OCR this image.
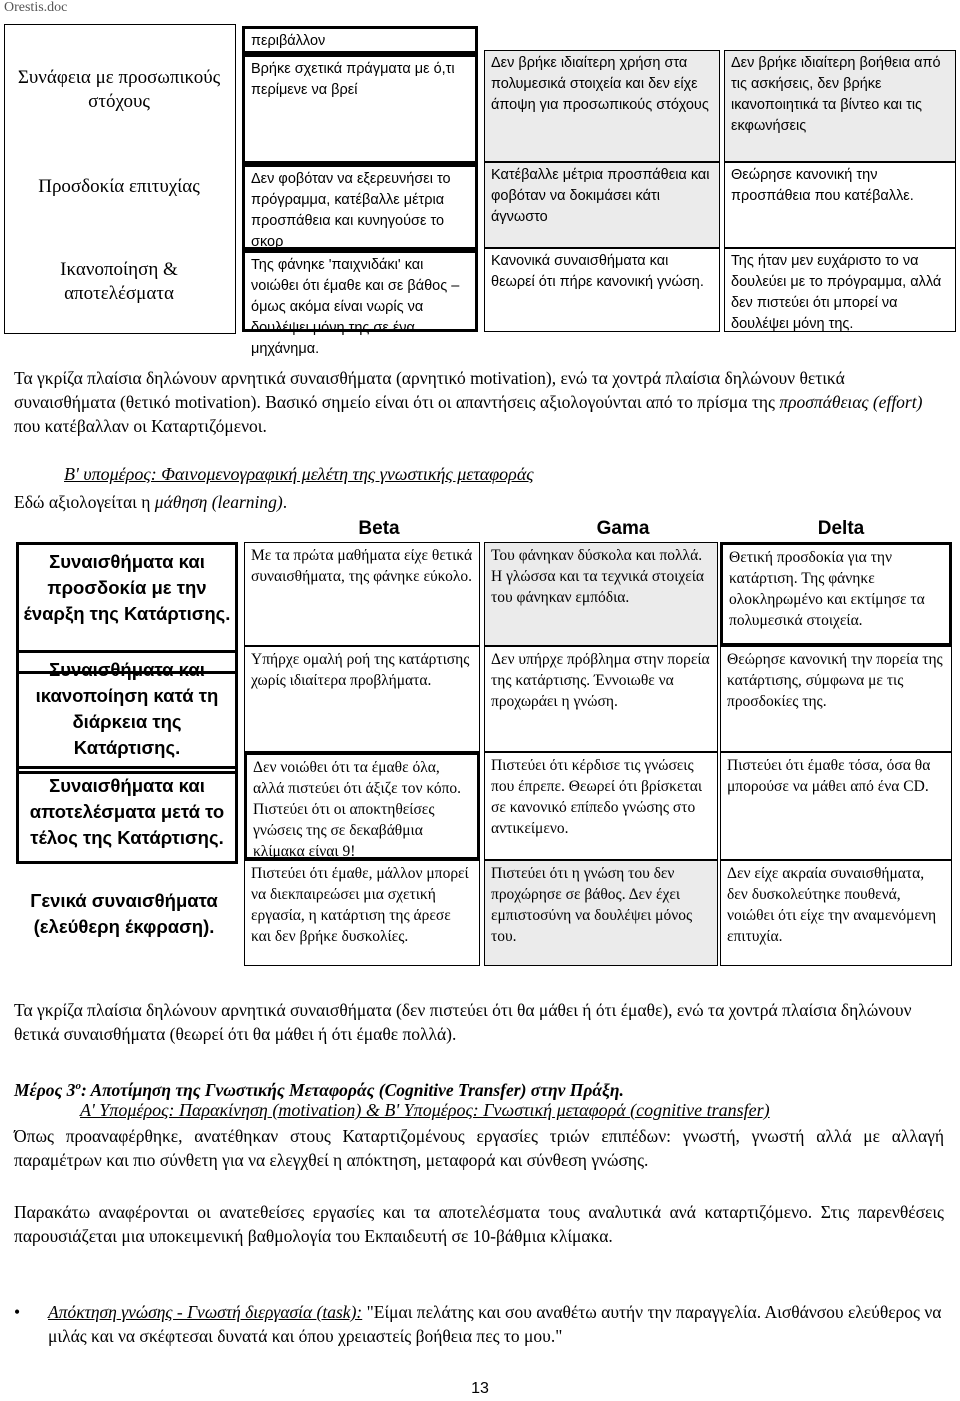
Orestis.doc
Συνάφεια με προσωπικούς στόχους
Προσδοκία επιτυχίας
Ικανοποίηση & αποτελέσματα
περιβάλλον
Βρήκε σχετικά πράγματα με ό,τι περίμενε να βρεί
Δεν φοβόταν να εξερευνήσει το πρόγραμμα, κατέβαλλε μέτρια προσπάθεια και κυνηγούσε το σκορ
Της φάνηκε 'παιχνιδάκι' και νοιώθει ότι έμαθε και σε βάθος – όμως ακόμα είναι νωρίς να δουλέψει μόνη της σε ένα μηχάνημα.
Δεν βρήκε ιδιαίτερη χρήση στα πολυμεσικά στοιχεία και δεν είχε άποψη για προσωπικούς στόχους
Κατέβαλλε μέτρια προσπάθεια και φοβόταν να δοκιμάσει κάτι άγνωστο
Κανονικά συναισθήματα και θεωρεί ότι πήρε κανονική γνώση.
Δεν βρήκε ιδιαίτερη βοήθεια από τις ασκήσεις, δεν βρήκε ικανοποιητικά τα βίντεο και τις εκφωνήσεις
Θεώρησε κανονική την προσπάθεια που κατέβαλλε.
Της ήταν μεν ευχάριστο το να δουλεύει με το πρόγραμμα, αλλά δεν πιστεύει ότι μπορεί να δουλέψει μόνη της.
Τα γκρίζα πλαίσια δηλώνουν αρνητικά συναισθήματα (αρνητικό motivation), ενώ τα χοντρά πλαίσια δηλώνουν θετικά συναισθήματα (θετικό motivation). Βασικό σημείο είναι ότι οι απαντήσεις αξιολογούνται από το πρίσμα της προσπάθειας (effort) που κατέβαλλαν οι Καταρτιζόμενοι.
Β' υπομέρος: Φαινομενογραφική μελέτη της γνωστικής μεταφοράς
Εδώ αξιολογείται η μάθηση (learning).
Beta	Gama	Delta
Συναισθήματα και προσδοκία με την έναρξη της Κατάρτισης.
Συναισθήματα και ικανοποίηση κατά τη διάρκεια της Κατάρτισης.
Συναισθήματα και αποτελέσματα μετά το τέλος της Κατάρτισης.
Γενικά συναισθήματα (ελεύθερη έκφραση).
Με τα πρώτα μαθήματα είχε θετικά συναισθήματα, της φάνηκε εύκολο.
Υπήρχε ομαλή ροή της κατάρτισης χωρίς ιδιαίτερα προβλήματα.
Δεν νοιώθει ότι τα έμαθε όλα, αλλά πιστεύει ότι άξιζε τον κόπο. Πιστεύει ότι οι αποκτηθείσες γνώσεις της σε δεκαβάθμια κλίμακα είναι 9!
Πιστεύει ότι έμαθε, μάλλον μπορεί να διεκπαιρεώσει μια σχετική εργασία, η κατάρτιση της άρεσε και δεν βρήκε δυσκολίες.
Του φάνηκαν δύσκολα και πολλά. Η γλώσσα και τα τεχνικά στοιχεία του φάνηκαν εμπόδια.
Δεν υπήρχε πρόβλημα στην πορεία της κατάρτισης. Έννοιωθε να προχωράει η γνώση.
Πιστεύει ότι κέρδισε τις γνώσεις που έπρεπε. Θεωρεί ότι βρίσκεται σε κανονικό επίπεδο γνώσης στο αντικείμενο.
Πιστεύει ότι η γνώση του δεν προχώρησε σε βάθος. Δεν έχει εμπιστοσύνη να δουλέψει μόνος του.
Θετική προσδοκία για την κατάρτιση. Της φάνηκε ολοκληρωμένο και εκτίμησε τα πολυμεσικά στοιχεία.
Θεώρησε κανονική την πορεία της κατάρτισης, σύμφωνα με τις προσδοκίες της.
Πιστεύει ότι έμαθε τόσα, όσα θα μπορούσε να μάθει από ένα CD.
Δεν είχε ακραία συναισθήματα, δεν δυσκολεύτηκε πουθενά, νοιώθει ότι είχε την αναμενόμενη επιτυχία.
Τα γκρίζα πλαίσια δηλώνουν αρνητικά συναισθήματα (δεν πιστεύει ότι θα μάθει ή ότι έμαθε), ενώ τα χοντρά πλαίσια δηλώνουν θετικά συναισθήματα (θεωρεί ότι θα μάθει ή ότι έμαθε πολλά).
Μέρος $3^o$: Αποτίμηση της Γνωστικής Μεταφοράς (Cognitive Transfer) στην Πράξη.
Α' Υπομέρος: Παρακίνηση (motivation) & Β' Υπομέρος: Γνωστική μεταφορά (cognitive transfer)
Όπως προαναφέρθηκε, ανατέθηκαν στους Καταρτιζομένους εργασίες τριών επιπέδων: γνωστή, γνωστή αλλά με αλλαγή παραμέτρων και πιο σύνθετη για να ελεγχθεί η απόκτηση, μεταφορά και σύνθεση γνώσης.
Παρακάτω αναφέρονται οι ανατεθείσες εργασίες και τα αποτελέσματα τους αναλυτικά ανά καταρτιζόμενο. Στις παρενθέσεις παρουσιάζεται μια υποκειμενική βαθμολογία του Εκπαιδευτή σε 10-βάθμια κλίμακα.
• Απόκτηση γνώσης - Γνωστή διεργασία (task): "Είμαι πελάτης και σου αναθέτω αυτήν την παραγγελία. Αισθάνσου ελεύθερος να μιλάς και να σκέφτεσαι δυνατά και όπου χρειαστείς βοήθεια πες το μου."
13
